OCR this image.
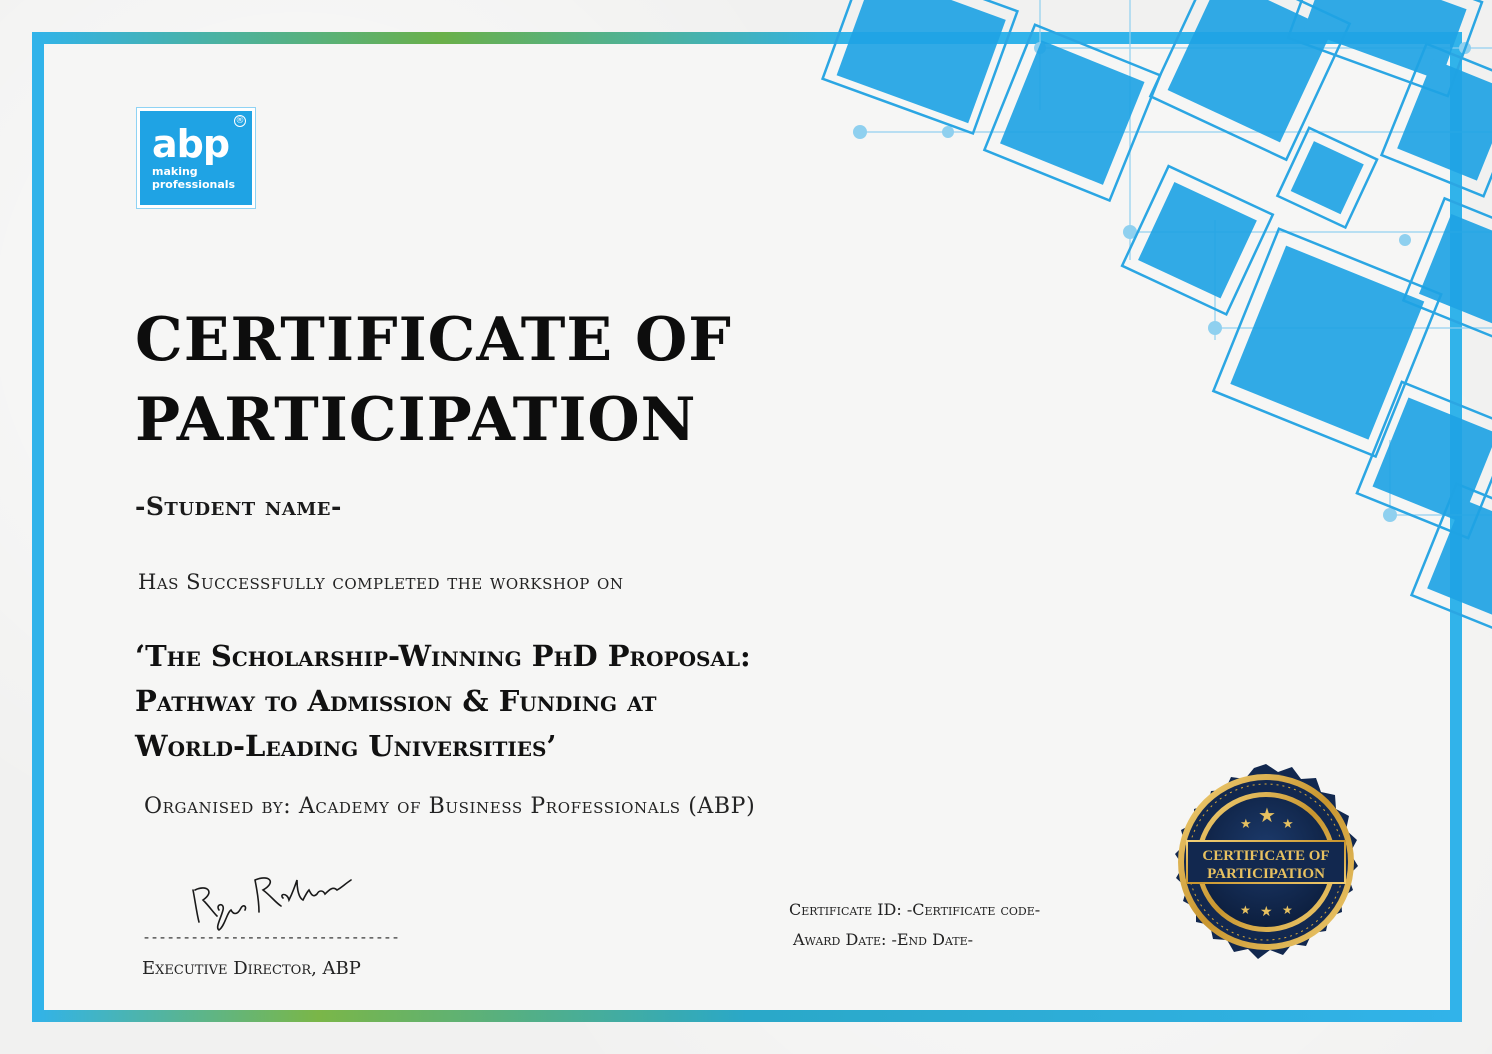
®
abp
making
professionals
CERTIFICATE OF
PARTICIPATION
-Student name-
Has Successfully completed the workshop on
‘The Scholarship-Winning PhD Proposal:
Pathway to Admission & Funding at
World-Leading Universities’
Organised by: Academy of Business Professionals (ABP)
--------------------------------
Executive Director, ABP
Certificate ID: -Certificate code-
Award Date: -End Date-
★ ★ ★
★ ★ ★
CERTIFICATE OF
PARTICIPATION
